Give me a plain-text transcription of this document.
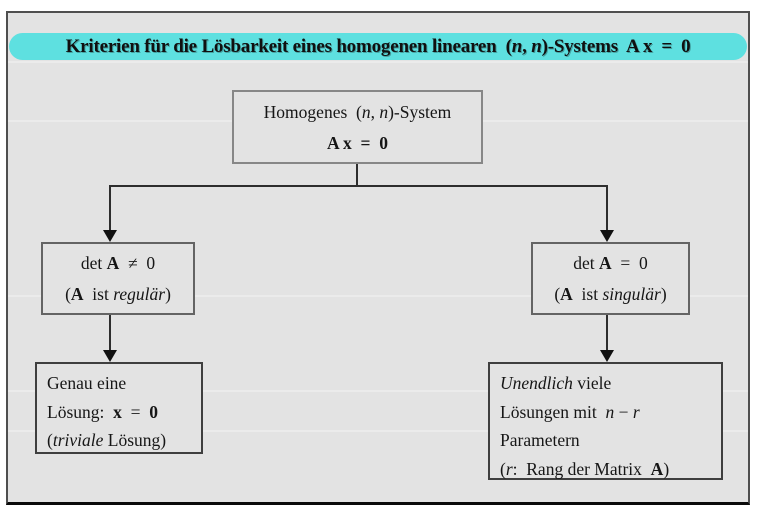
Kriterien für die Lösbarkeit eines homogenen linearen  (n, n)-Systems  A x  =  0
Homogenes  (n, n)-System
A x  =  0
det A  ≠  0
(A  ist regulär)
det A  =  0
(A  ist singulär)
Genau eine
Lösung:  x  =  0
(triviale Lösung)
Unendlich viele
Lösungen mit  n − r
Parametern
(r:  Rang der Matrix  A)
